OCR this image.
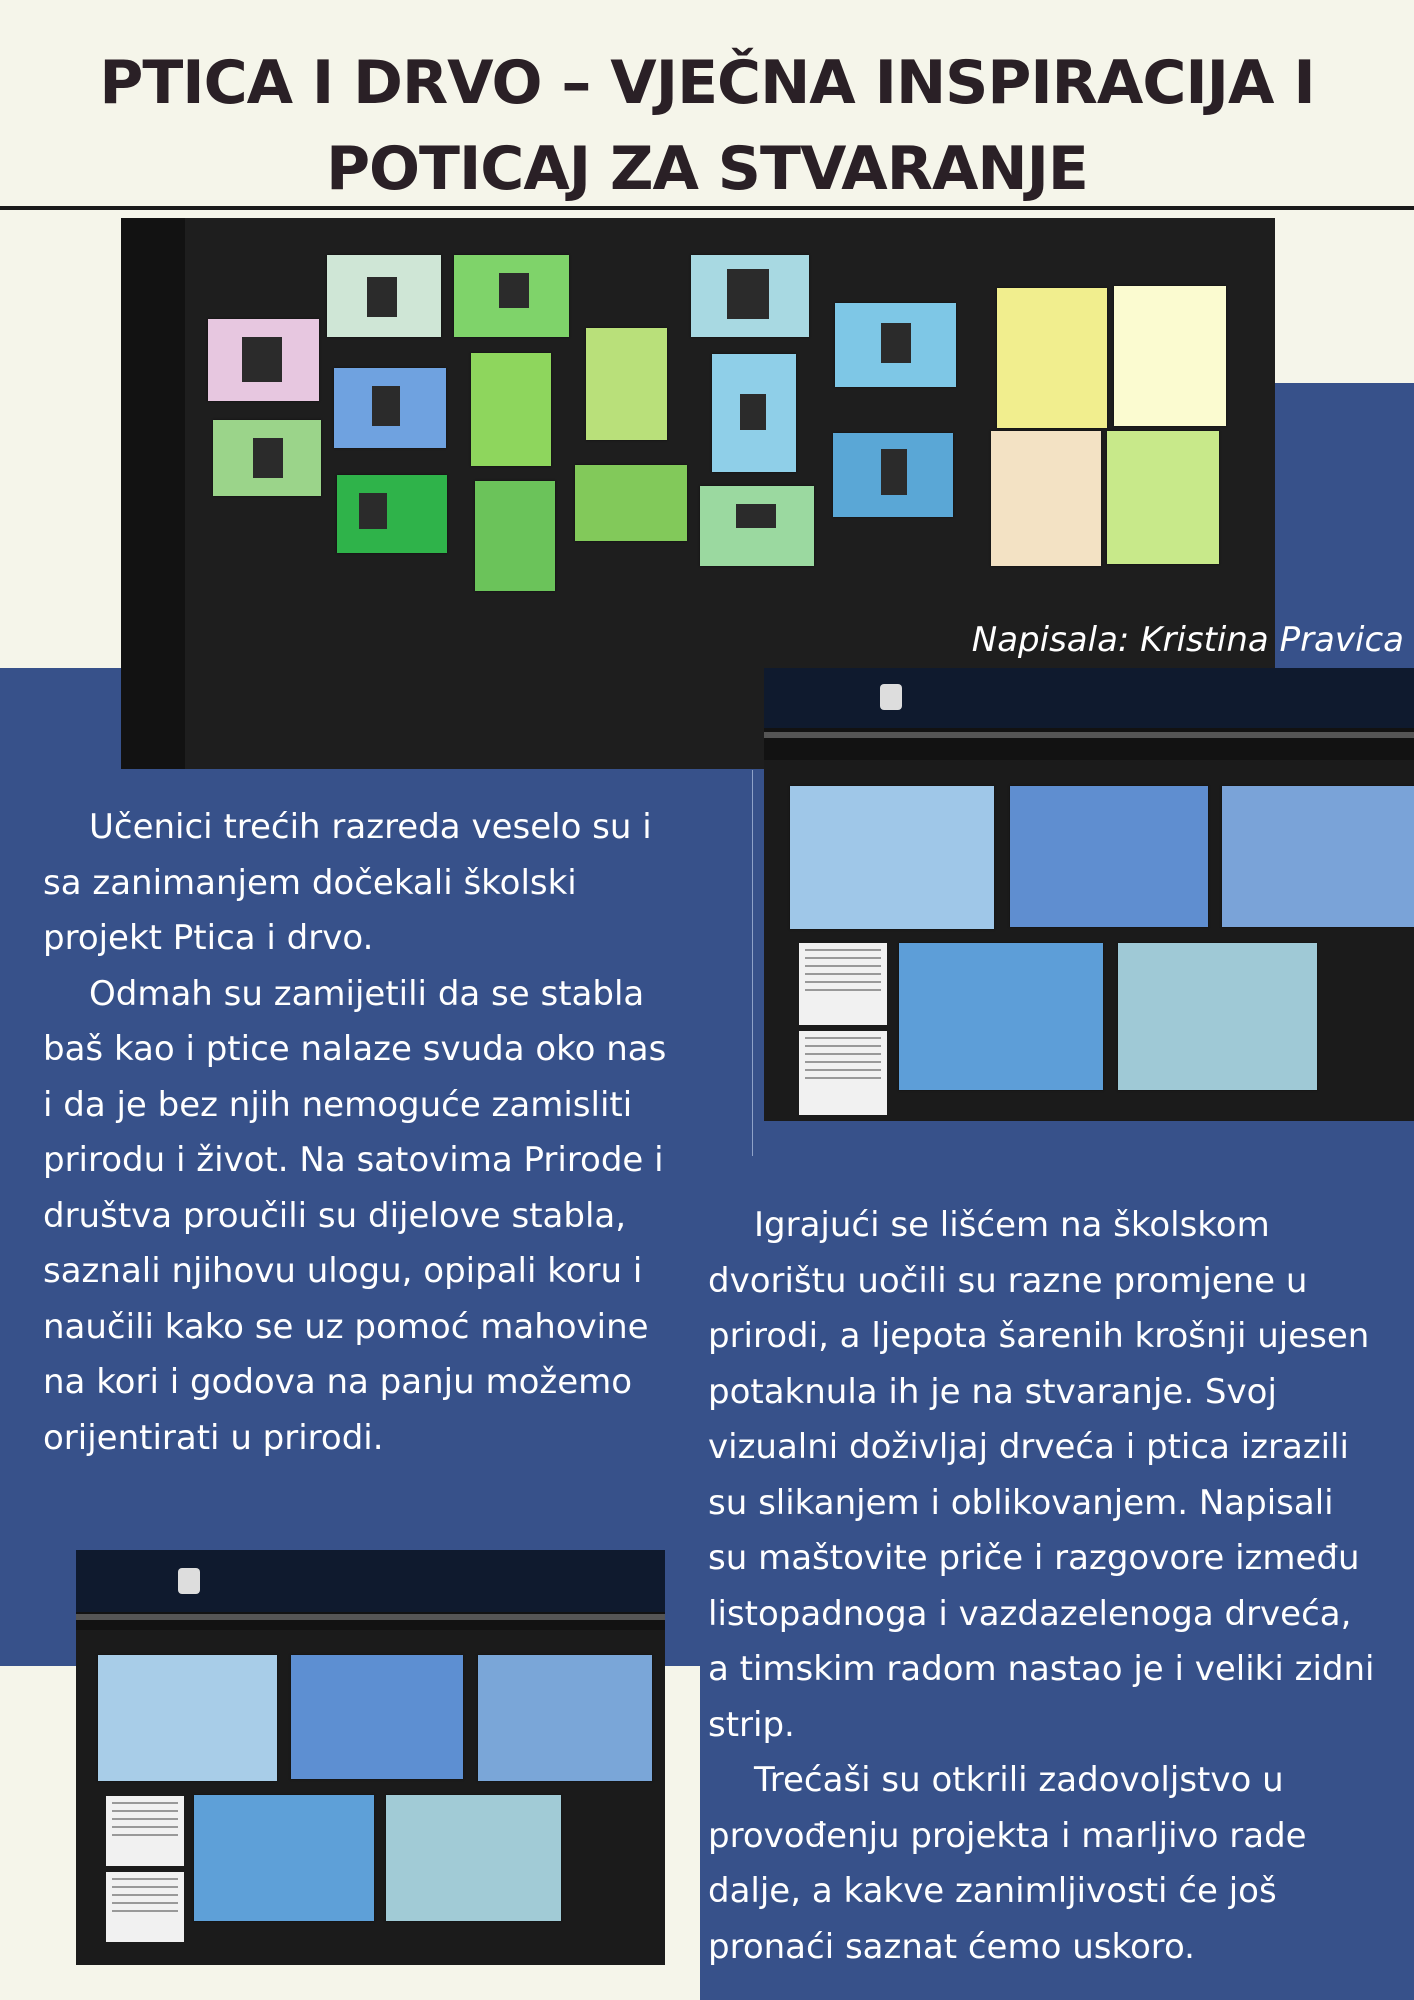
PTICA I DRVO – VJEČNA INSPIRACIJA I
POTICAJ ZA STVARANJE
Napisala: Kristina Pravica

Učenici trećih razreda veselo su i
sa zanimanjem dočekali školski
projekt Ptica i drvo.
Odmah su zamijetili da se stabla
baš kao i ptice nalaze svuda oko nas
i da je bez njih nemoguće zamisliti
prirodu i život. Na satovima Prirode i
društva proučili su dijelove stabla,
saznali njihovu ulogu, opipali koru i
naučili kako se uz pomoć mahovine
na kori i godova na panju možemo
orijentirati u prirodi.

Igrajući se lišćem na školskom
dvorištu uočili su razne promjene u
prirodi, a ljepota šarenih krošnji ujesen
potaknula ih je na stvaranje. Svoj
vizualni doživljaj drveća i ptica izrazili
su slikanjem i oblikovanjem. Napisali
su maštovite priče i razgovore između
listopadnoga i vazdazelenoga drveća,
a timskim radom nastao je i veliki zidni
strip.
Trećaši su otkrili zadovoljstvo u
provođenju projekta i marljivo rade
dalje, a kakve zanimljivosti će još
pronaći saznat ćemo uskoro.
